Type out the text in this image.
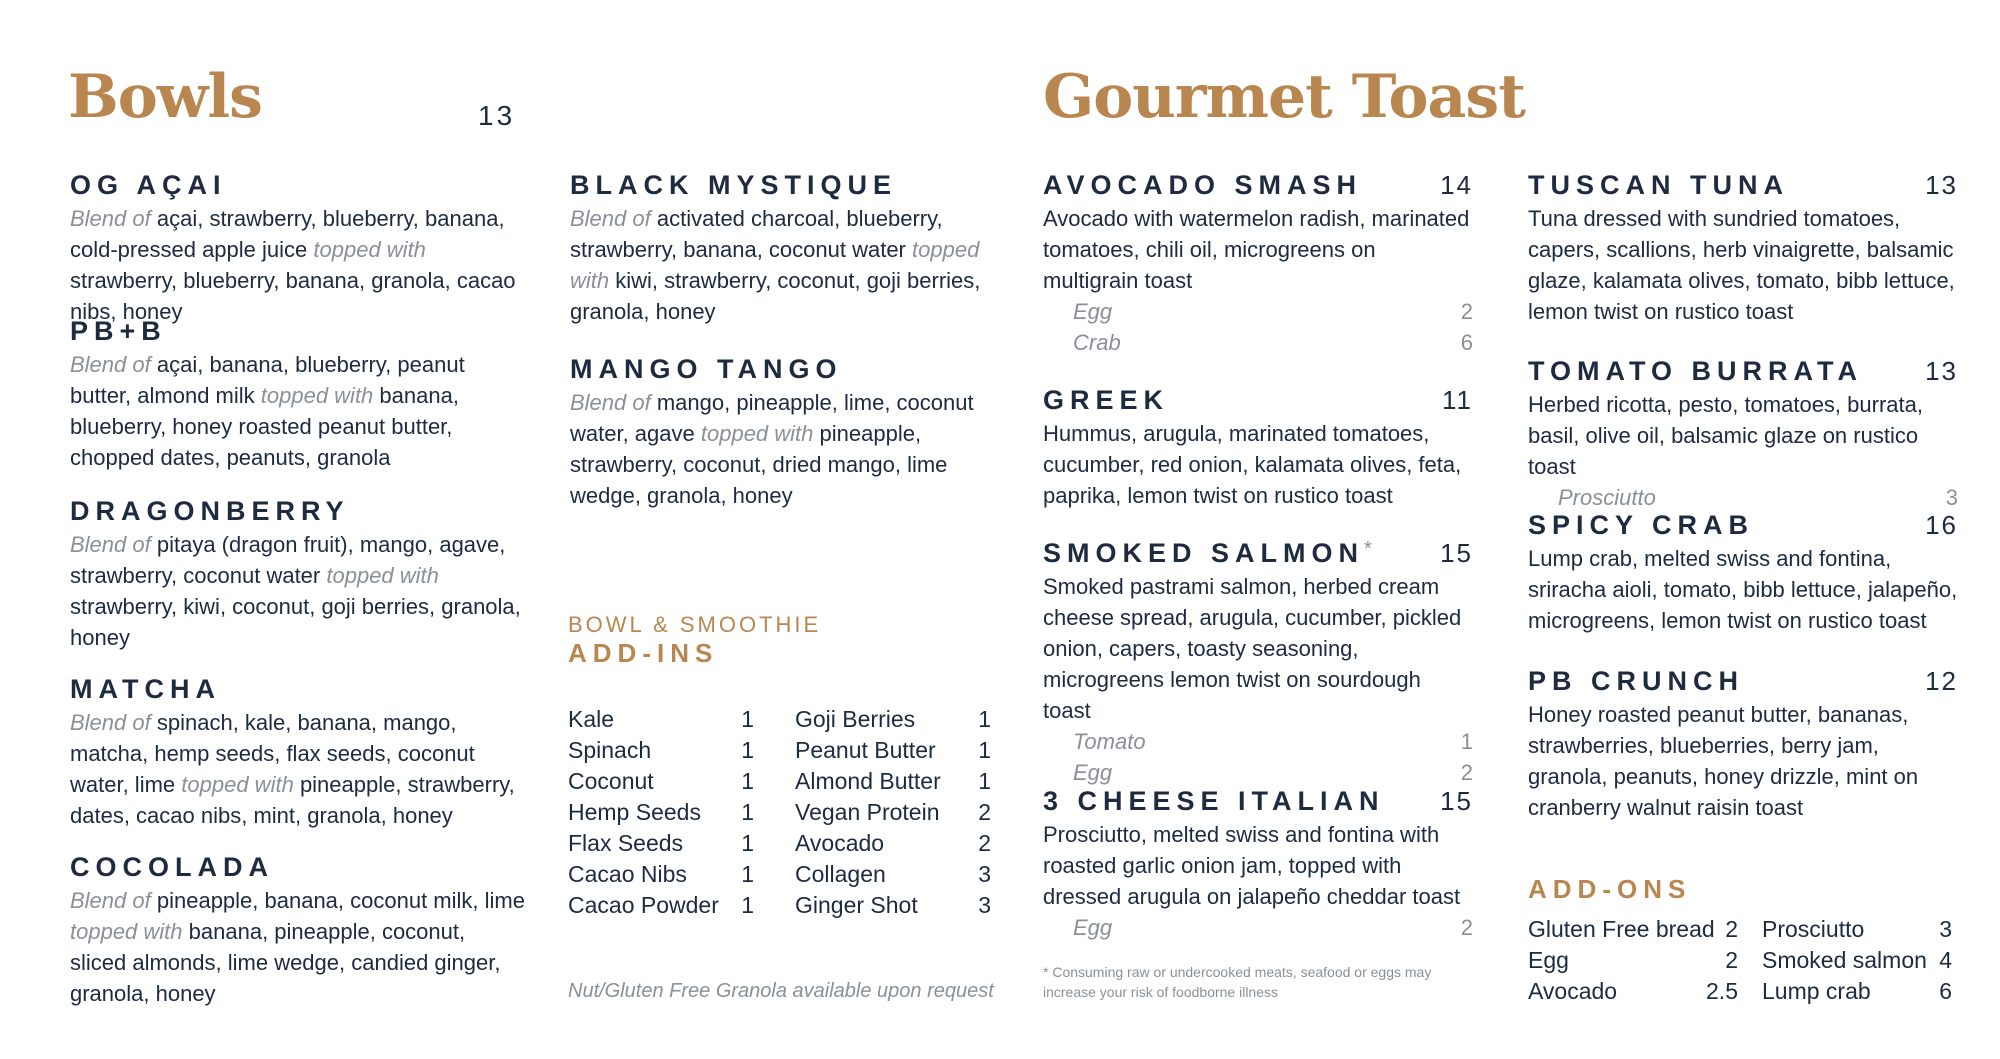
Bowls	13
OG AÇAI
Blend of açai, strawberry, blueberry, banana, cold-pressed apple juice topped with strawberry, blueberry, banana, granola, cacao nibs, honey
PB+B
Blend of açai, banana, blueberry, peanut butter, almond milk topped with banana, blueberry, honey roasted peanut butter, chopped dates, peanuts, granola
DRAGONBERRY
Blend of pitaya (dragon fruit), mango, agave, strawberry, coconut water topped with strawberry, kiwi, coconut, goji berries, granola, honey
MATCHA
Blend of spinach, kale, banana, mango, matcha, hemp seeds, flax seeds, coconut water, lime topped with pineapple, strawberry, dates, cacao nibs, mint, granola, honey
COCOLADA
Blend of pineapple, banana, coconut milk, lime topped with banana, pineapple, coconut, sliced almonds, lime wedge, candied ginger, granola, honey
BLACK MYSTIQUE
Blend of activated charcoal, blueberry, strawberry, banana, coconut water topped with kiwi, strawberry, coconut, goji berries, granola, honey
MANGO TANGO
Blend of mango, pineapple, lime, coconut water, agave topped with pineapple, strawberry, coconut, dried mango, lime wedge, granola, honey
BOWL & SMOOTHIE
ADD-INS
Kale	1
Spinach	1
Coconut	1
Hemp Seeds 1
Flax Seeds	1
Cacao Nibs 1
Cacao Powder 1
Goji Berries	1
Peanut Butter 1
Almond Butter 1
Vegan Protein 2
Avocado	2
Collagen	3
Ginger Shot	3
Nut/Gluten Free Granola available upon request
Gourmet Toast
AVOCADO SMASH	14
Avocado with watermelon radish, marinated tomatoes, chili oil, microgreens on multigrain toast
Egg	2
Crab	6
GREEK	11
Hummus, arugula, marinated tomatoes, cucumber, red onion, kalamata olives, feta, paprika, lemon twist on rustico toast
SMOKED SALMON*	15
Smoked pastrami salmon, herbed cream cheese spread, arugula, cucumber, pickled onion, capers, toasty seasoning, microgreens lemon twist on sourdough toast
Tomato	1
Egg	2
3 CHEESE ITALIAN 15
Prosciutto, melted swiss and fontina with roasted garlic onion jam, topped with dressed arugula on jalapeño cheddar toast
Egg	2
TUSCAN TUNA	13
Tuna dressed with sundried tomatoes, capers, scallions, herb vinaigrette, balsamic glaze, kalamata olives, tomato, bibb lettuce, lemon twist on rustico toast
TOMATO BURRATA 13
Herbed ricotta, pesto, tomatoes, burrata, basil, olive oil, balsamic glaze on rustico toast
Prosciutto	3
SPICY CRAB	16
Lump crab, melted swiss and fontina, sriracha aioli, tomato, bibb lettuce, jalapeño, microgreens, lemon twist on rustico toast
PB CRUNCH	12
Honey roasted peanut butter, bananas, strawberries, blueberries, berry jam, granola, peanuts, honey drizzle, mint on cranberry walnut raisin toast
* Consuming raw or undercooked meats, seafood or eggs may increase your risk of foodborne illness
ADD-ONS
Gluten Free bread 2
Egg	2
Avocado	2.5
Prosciutto	3
Smoked salmon 4
Lump crab	6
